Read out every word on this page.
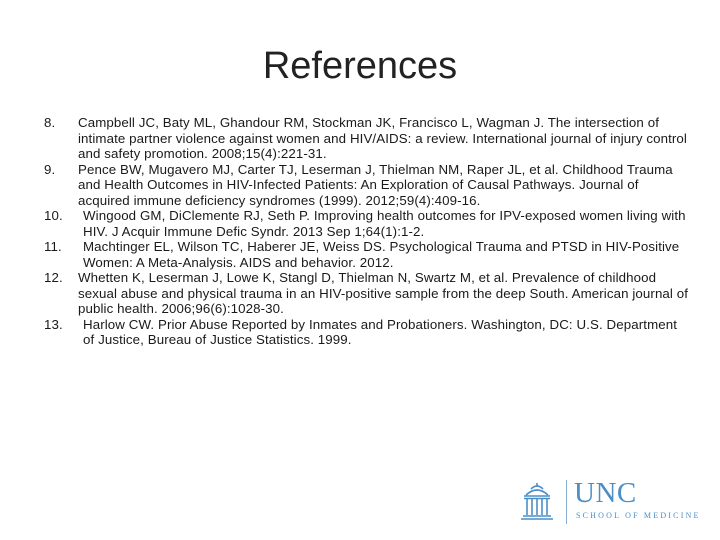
References
8. Campbell JC, Baty ML, Ghandour RM, Stockman JK, Francisco L, Wagman J. The intersection of intimate partner violence against women and HIV/AIDS: a review. International journal of injury control and safety promotion. 2008;15(4):221-31.
9. Pence BW, Mugavero MJ, Carter TJ, Leserman J, Thielman NM, Raper JL, et al. Childhood Trauma and Health Outcomes in HIV-Infected Patients: An Exploration of Causal Pathways. Journal of acquired immune deficiency syndromes (1999). 2012;59(4):409-16.
10.	Wingood GM, DiClemente RJ, Seth P. Improving health outcomes for IPV-exposed women living with HIV. J Acquir Immune Defic Syndr. 2013 Sep 1;64(1):1-2.
11.	Machtinger EL, Wilson TC, Haberer JE, Weiss DS. Psychological Trauma and PTSD in HIV-Positive Women: A Meta-Analysis. AIDS and behavior. 2012.
12. Whetten K, Leserman J, Lowe K, Stangl D, Thielman N, Swartz M, et al. Prevalence of childhood sexual abuse and physical trauma in an HIV-positive sample from the deep South. American journal of public health. 2006;96(6):1028-30.
13.	Harlow CW. Prior Abuse Reported by Inmates and Probationers. Washington, DC: U.S. Department of Justice, Bureau of Justice Statistics. 1999.
UNC
SCHOOL OF MEDICINE
